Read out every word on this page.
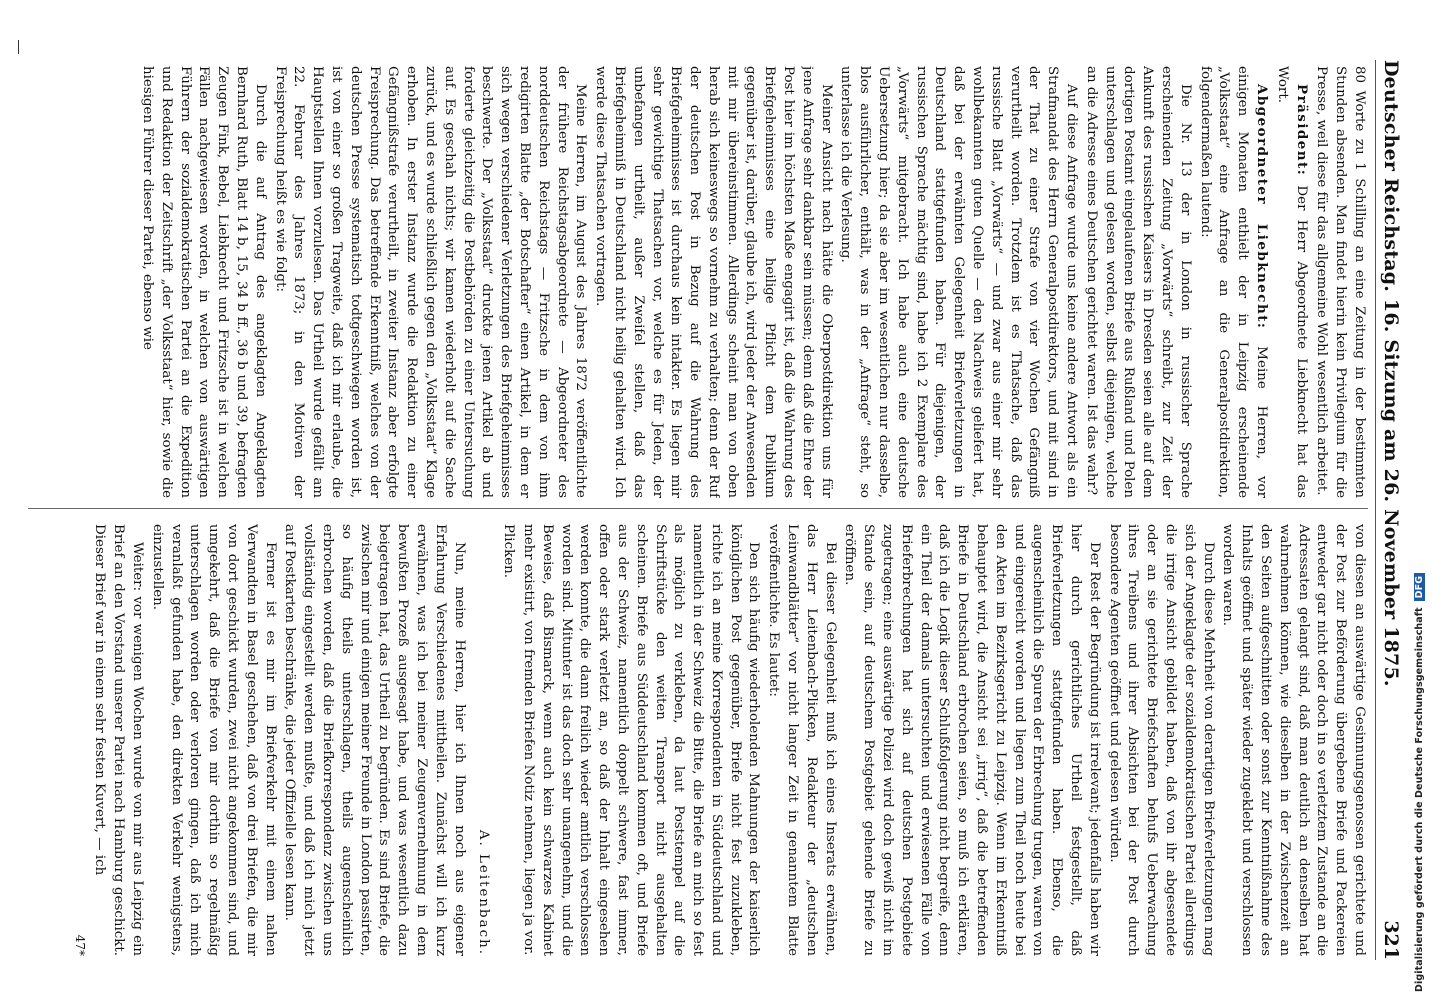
Deutscher Reichstag. 16. Sitzung am 26. November 1875.
321

80 Worte zu 1 Schilling an eine Zeitung in der bestimmten Stunden absenden. Man findet hierin kein Privilegium für die Presse, weil diese für das allgemeine Wohl wesentlich arbeitet.

Präsident: Der Herr Abgeordnete Liebknecht hat das Wort.

Abgeordneter Liebknecht: Meine Herren, vor einigen Monaten enthielt der in Leipzig erscheinende „Volksstaat“ eine Anfrage an die Generalpostdirektion, folgendermaßen lautend:

Die Nr. 13 der in London in russischer Sprache erscheinenden Zeitung „Vorwärts“ schreibt, zur Zeit der Ankunft des russischen Kaisers in Dresden seien alle auf dem dortigen Postamt eingelaufenen Briefe aus Rußland und Polen unterschlagen und gelesen worden, selbst diejenigen, welche an die Adresse eines Deutschen gerichtet waren. Ist das wahr?

Auf diese Anfrage wurde uns keine andere Antwort als ein Strafmandat des Herrn Generalpostdirektors, und mit sind in der That zu einer Strafe von vier Wochen Gefängniß verurtheilt worden. Trotzdem ist es Thatsache, daß das russische Blatt „Vorwärts“ — und zwar aus einer mir sehr wohlbekannten guten Quelle — den Nachweis geliefert hat, daß bei der erwähnten Gelegenheit Briefverletzungen in Deutschland stattgefunden haben. Für diejenigen, der russischen Sprache mächtig sind, habe ich 2 Exemplare des „Vorwärts“ mitgebracht. Ich habe auch eine deutsche Uebersetzung hier; da sie aber im wesentlichen nur dasselbe, blos ausführlicher, enthält, was in der „Anfrage“ steht, so unterlasse ich die Verlesung.

Meiner Ansicht nach hätte die Oberpostdirektion uns für jene Anfrage sehr dankbar sein müssen; denn daß die Ehre der Post hier im höchsten Maße engagirt ist, daß die Wahrung des Briefgeheimnisses eine heilige Pflicht dem Publikum gegenüber ist, darüber, glaube ich, wird jeder der Anwesenden mit mir übereinstimmen. Allerdings scheint man von oben herab sich keineswegs so vornehm zu verhalten; denn der Ruf der deutschen Post in Bezug auf die Wahrung des Briefgeheimnisses ist durchaus kein intakter. Es liegen mir sehr gewichtige Thatsachen vor, welche es für Jeden, der unbefangen urtheilt, außer Zweifel stellen, daß das Briefgeheimniß in Deutschland nicht heilig gehalten wird. Ich werde diese Thatsachen vortragen.

Meine Herren, im August des Jahres 1872 veröffentlichte der frühere Reichstagsabgeordnete — Abgeordneter des norddeutschen Reichstags — Fritzsche in dem von ihm redigirten Blatte „der Botschafter“ einen Artikel, in dem er sich wegen verschiedener Verletzungen des Briefgeheimnisses beschwerte. Der „Volksstaat“ druckte jenen Artikel ab und forderte gleichzeitig die Postbehörden zu einer Untersuchung auf. Es geschah nichts; wir kamen wiederholt auf die Sache zurück, und es wurde schließlich gegen den „Volksstaat“ Klage erhoben. In erster Instanz wurde die Redaktion zu einer Gefängnißstrafe verurtheilt, in zweiter Instanz aber erfolgte Freisprechung. Das betreffende Erkenntniß, welches von der deutschen Presse systematisch todtgeschwiegen worden ist, ist von einer so großen Tragweite, daß ich mir erlaube, die Hauptstellen Ihnen vorzulesen. Das Urtheil wurde gefällt am 22. Februar des Jahres 1873; in den Motiven der Freisprechung heißt es wie folgt:

Durch die auf Antrag des angeklagten Angeklagten Bernhard Ruth, Blatt 14 b, 15, 34 b ff., 36 b und 39, befragten Zeugen Fink, Bebel, Liebknecht und Fritzsche ist in welchen Fällen nachgewiesen worden, in welchen von auswärtigen Führern der sozialdemokratischen Partei an die Expedition und Redaktion der Zeitschrift „der Volksstaat“ hier, sowie die hiesigen Führer dieser Partei, ebenso wie

von diesen an auswärtige Gesinnungsgenossen gerichtete und der Post zur Beförderung übergebene Briefe und Packereien entweder gar nicht oder doch in so verletztem Zustande an die Adressaten gelangt sind, daß man deutlich an denselben hat wahrnehmen können, wie dieselben in der Zwischenzeit an den Seiten aufgeschnitten oder sonst zur Kenntnißnahme des Inhalts geöffnet und später wieder zugeklebt und verschlossen worden waren.

Durch diese Mehrheit von derartigen Briefverletzungen mag sich der Angeklagte der sozialdemokratischen Partei allerdings die irrige Ansicht gebildet haben, daß von ihr abgesendete oder an sie gerichtete Briefschaften behufs Ueberwachung ihres Treibens und ihrer Absichten bei der Post durch besondere Agenten geöffnet und gelesen würden.

Der Rest der Begründung ist irrelevant; jedenfalls haben wir hier durch gerichtliches Urtheil festgestellt, daß Briefverletzungen stattgefunden haben. Ebenso, die augenscheinlich die Spuren der Erbrechung trugen, waren von und eingereicht worden und liegen zum Theil noch heute bei den Akten im Bezirksgericht zu Leipzig. Wenn im Erkenntniß behauptet wird, die Ansicht sei „irrig“, daß die betreffenden Briefe in Deutschland erbrochen seien, so muß ich erklären, daß ich die Logik dieser Schlußfolgerung nicht begreife, denn ein Theil der damals untersuchten und erwiesenen Fälle von Brieferbrechungen hat sich auf deutschen Postgebiete zugetragen; eine auswärtige Polizei wird doch gewiß nicht im Stande sein, auf deutschem Postgebiet gehende Briefe zu eröffnen.

Bei dieser Gelegenheit muß ich eines Inserats erwähnen, das Herr Leitenbach-Plicken, Redakteur der „deutschen Leinwandblätter“ vor nicht langer Zeit in genanntem Blatte veröffentlichte. Es lautet:

Den sich häufig wiederholenden Mahnungen der kaiserlich königlichen Post gegenüber, Briefe nicht fest zuzukleben, richte ich an meine Korrespondenten in Süddeutschland und namentlich in der Schweiz die Bitte, die Briefe an mich so fest als möglich zu verkleben, da laut Poststempel auf die Schriftstücke den weiten Transport nicht ausgehalten scheinen. Briefe aus Süddeutschland kommen oft, und Briefe aus der Schweiz, namentlich doppelt schwere, fast immer, offen oder stark verletzt an, so daß der Inhalt eingesehen werden konnte, die dann freilich wieder amtlich verschlossen worden sind. Mitunter ist das doch sehr unangenehm, und die Beweise, daß Bismarck, wenn auch kein schwarzes Kabinet mehr existirt, von fremden Briefen Notiz nehmen, liegen ja vor.

Plicken.

A. Leitenbach.

Nun, meine Herren, hier ich Ihnen noch aus eigener Erfahrung Verschiedenes mittheilen. Zunächst will ich kurz erwähnen, was ich bei meiner Zeugenvernehmung in dem bewußten Prozeß ausgesagt habe, und was wesentlich dazu beigetragen hat, das Urtheil zu begründen. Es sind Briefe, die zwischen mir und einigen meiner Freunde in London passirten, so häufig theils unterschlagen, theils augenscheinlich erbrochen worden, daß die Briefkorrespondenz zwischen uns vollständig eingestellt werden mußte, und daß ich mich jetzt auf Postkarten beschränke, die jeder Offizielle lesen kann.

Ferner ist es mir im Briefverkehr mit einem nahen Verwandten in Basel geschehen, daß von drei Briefen, die mir von dort geschickt wurden, zwei nicht angekommen sind, und umgekehrt, daß die Briefe von mir dorthin so regelmäßig unterschlagen worden oder verloren gingen, daß ich mich veranlaßt gefunden habe, den direkten Verkehr wenigstens, einzustellen.

Weiter: vor wenigen Wochen wurde von mir aus Leipzig ein Brief an den Vorstand unserer Partei nach Hamburg geschickt. Dieser Brief war in einem sehr festen Kuvert, — ich

47*	Digitalisierung gefördert durch die Deutsche ForschungsgemeinschaftDFG
